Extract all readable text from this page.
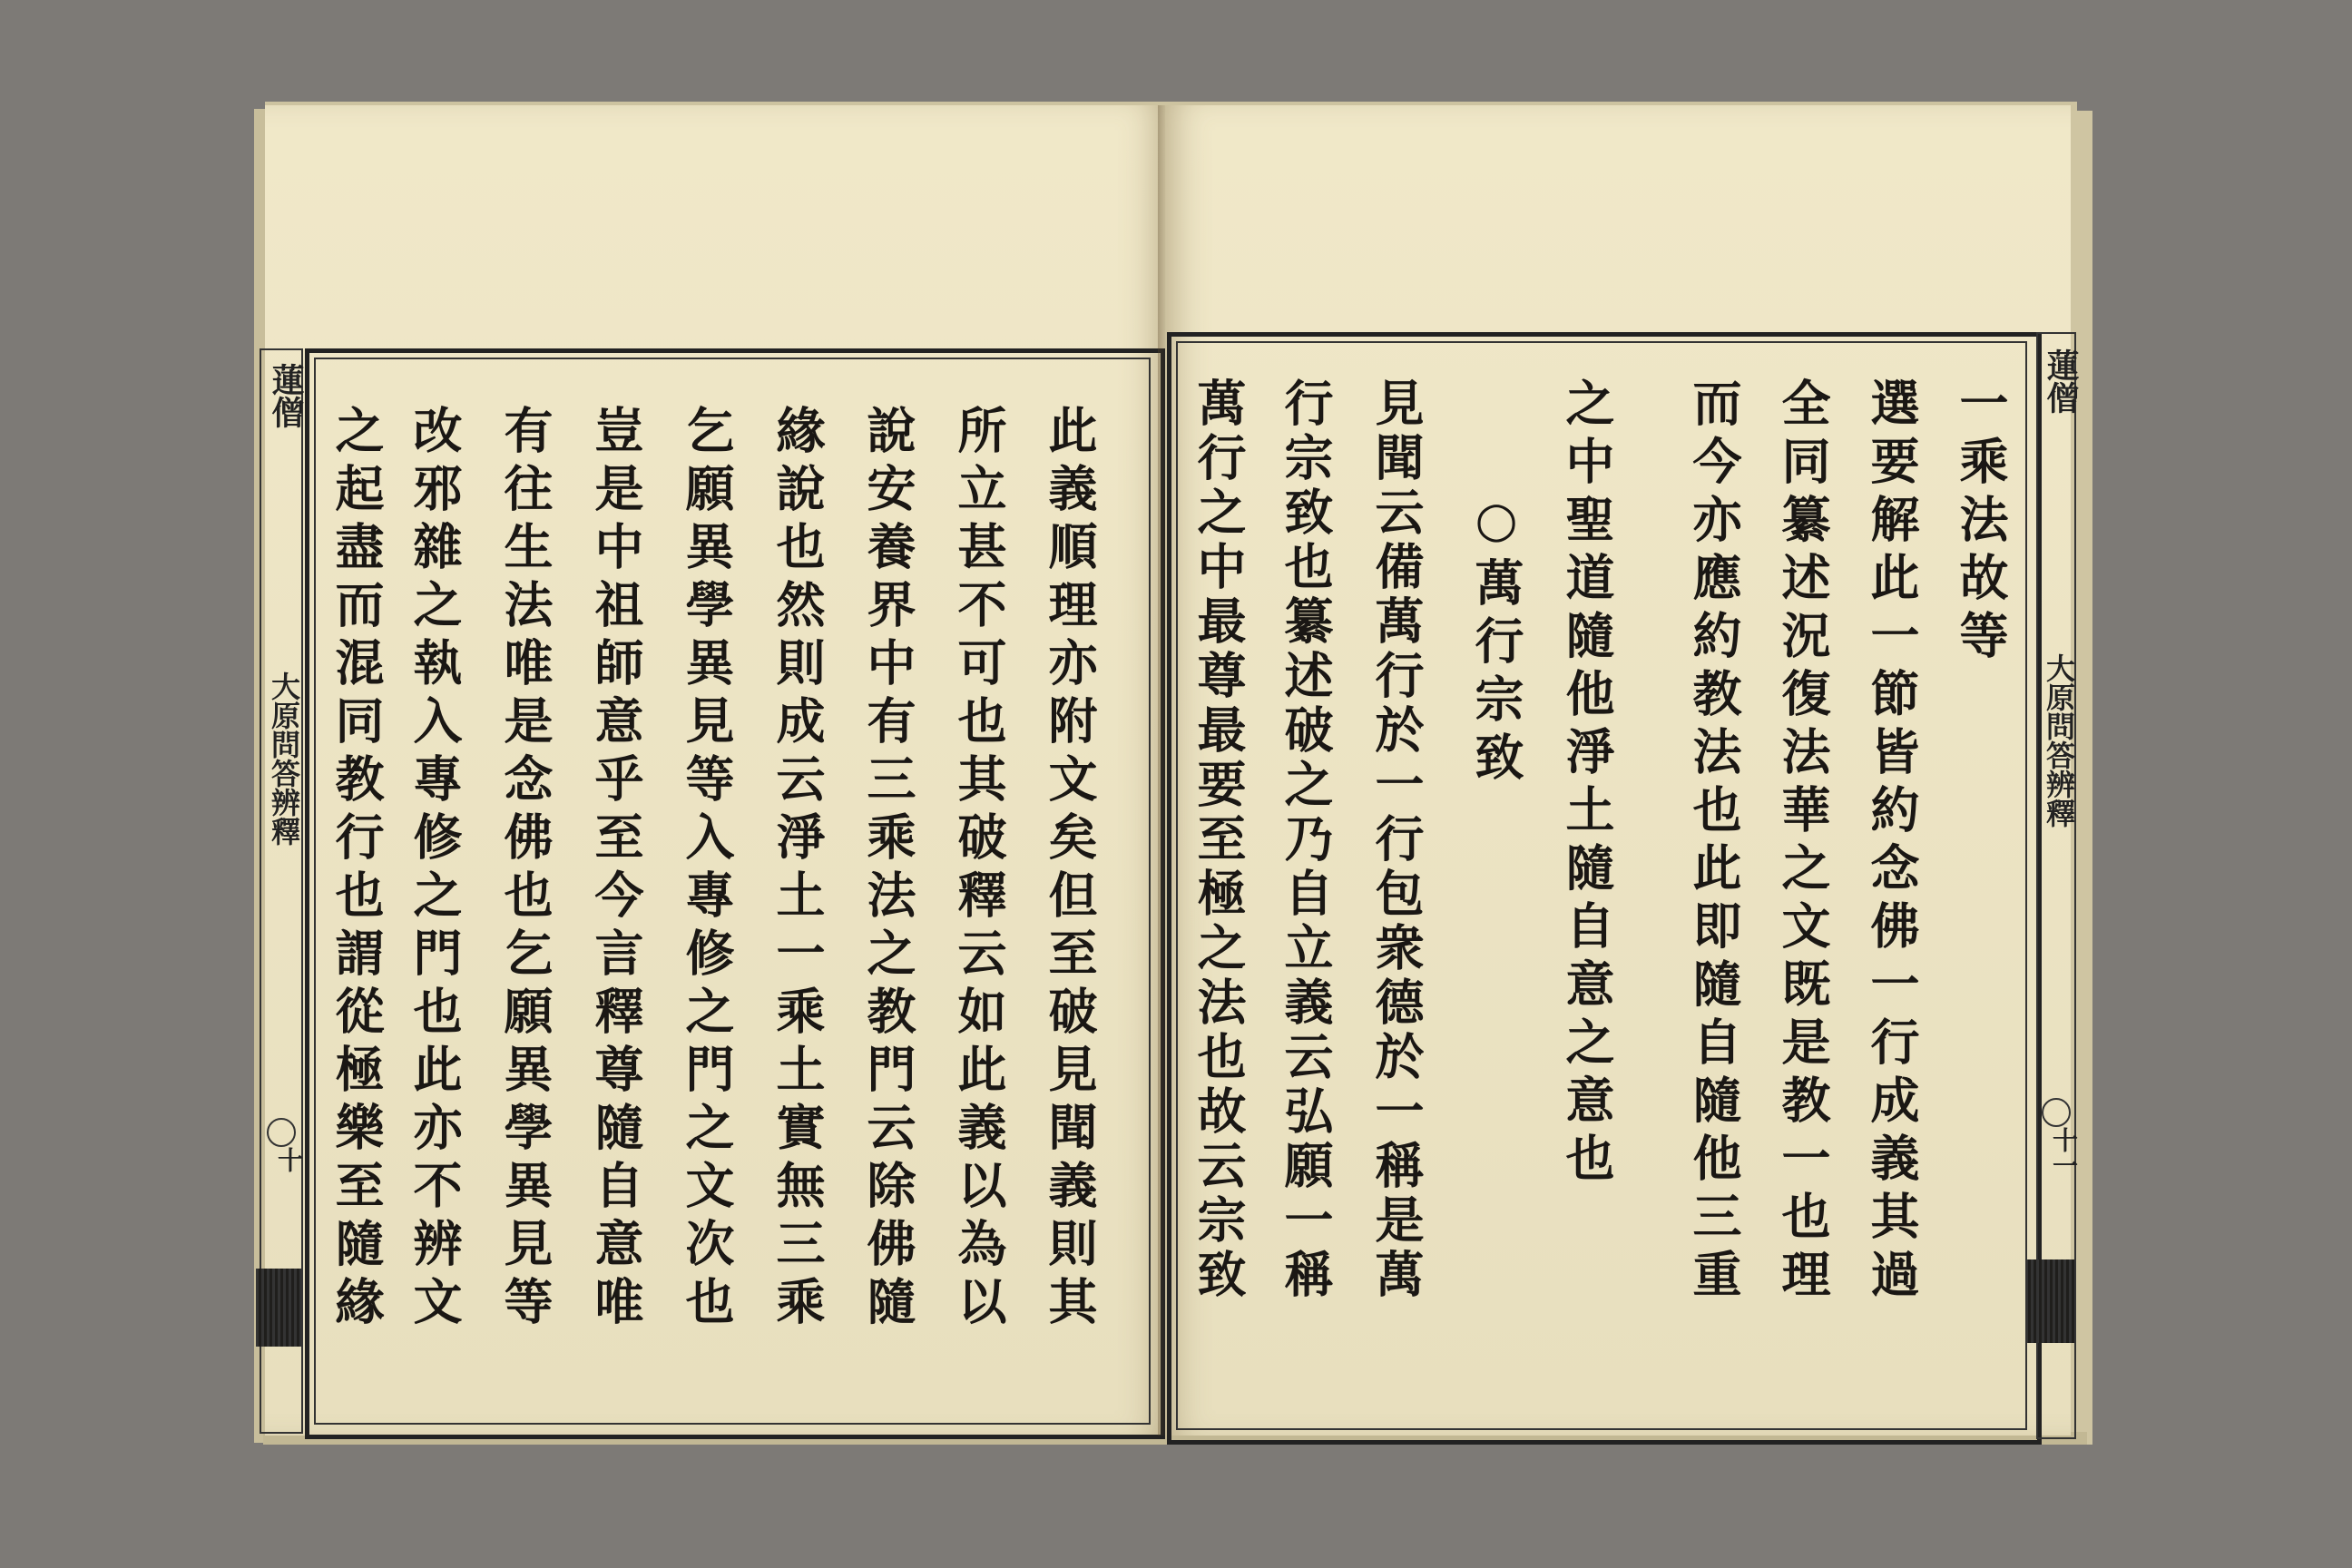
蓮僧
大原問答辨釋
十	此義順理亦附文矣但至破見聞義則其
所立甚不可也其破釋云如此義以為以
說安養界中有三乘法之教門云除佛隨
緣說也然則成云淨土一乘土實無三乘
乞願異學異見等入專修之門之文次也
豈是中祖師意乎至今言釋尊隨自意唯
有往生法唯是念佛也乞願異學異見等
改邪雜之執入專修之門也此亦不辨文
之起盡而混同教行也謂從極樂至隨緣
蓮僧
大原問答辨釋
十一
一乘法故等
選要解此一節皆約念佛一行成義其過
全同纂述況復法華之文既是教一也理
而今亦應約教法也此即隨自隨他三重
之中聖道隨他淨土隨自意之意也
○萬行宗致
見聞云備萬行於一行包衆德於一稱是萬
行宗致也纂述破之乃自立義云弘願一稱
萬行之中最尊最要至極之法也故云宗致
